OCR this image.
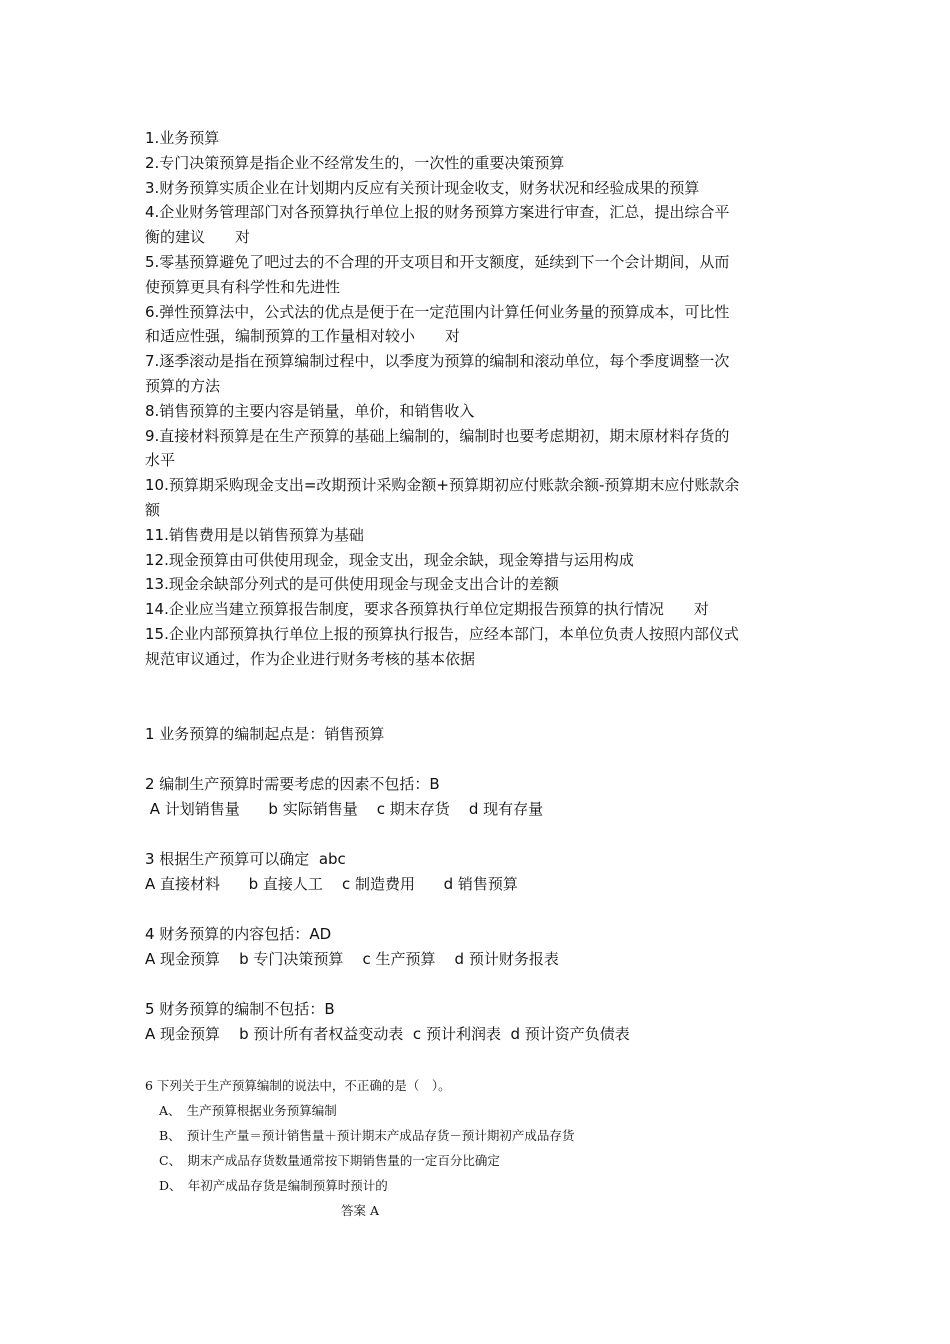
1.业务预算

2.专门决策预算是指企业不经常发生的，一次性的重要决策预算

3.财务预算实质企业在计划期内反应有关预计现金收支，财务状况和经验成果的预算

4.企业财务管理部门对各预算执行单位上报的财务预算方案进行审查，汇总，提出综合平

衡的建议　　对

5.零基预算避免了吧过去的不合理的开支项目和开支额度，延续到下一个会计期间，从而

使预算更具有科学性和先进性

6.弹性预算法中，公式法的优点是便于在一定范围内计算任何业务量的预算成本，可比性

和适应性强，编制预算的工作量相对较小　　对

7.逐季滚动是指在预算编制过程中，以季度为预算的编制和滚动单位，每个季度调整一次

预算的方法

8.销售预算的主要内容是销量，单价，和销售收入

9.直接材料预算是在生产预算的基础上编制的，编制时也要考虑期初，期末原材料存货的

水平

10.预算期采购现金支出=改期预计采购金额+预算期初应付账款余额-预算期末应付账款余

额

11.销售费用是以销售预算为基础

12.现金预算由可供使用现金，现金支出，现金余缺，现金筹措与运用构成

13.现金余缺部分列式的是可供使用现金与现金支出合计的差额

14.企业应当建立预算报告制度，要求各预算执行单位定期报告预算的执行情况　　对

15.企业内部预算执行单位上报的预算执行报告，应经本部门，本单位负责人按照内部仪式

规范审议通过，作为企业进行财务考核的基本依据

1 业务预算的编制起点是：销售预算

2 编制生产预算时需要考虑的因素不包括：B

A 计划销售量      b 实际销售量    c 期末存货    d 现有存量

3 根据生产预算可以确定  abc

A 直接材料      b 直接人工    c 制造费用      d 销售预算

4 财务预算的内容包括：AD

A 现金预算    b 专门决策预算    c 生产预算    d 预计财务报表

5 财务预算的编制不包括：B

A 现金预算    b 预计所有者权益变动表  c 预计利润表  d 预计资产负债表

6 下列关于生产预算编制的说法中，不正确的是（　）。

A、　生产预算根据业务预算编制

B、　预计生产量＝预计销售量＋预计期末产成品存货－预计期初产成品存货

C、　期末产成品存货数量通常按下期销售量的一定百分比确定

D、　年初产成品存货是编制预算时预计的

答案 A
